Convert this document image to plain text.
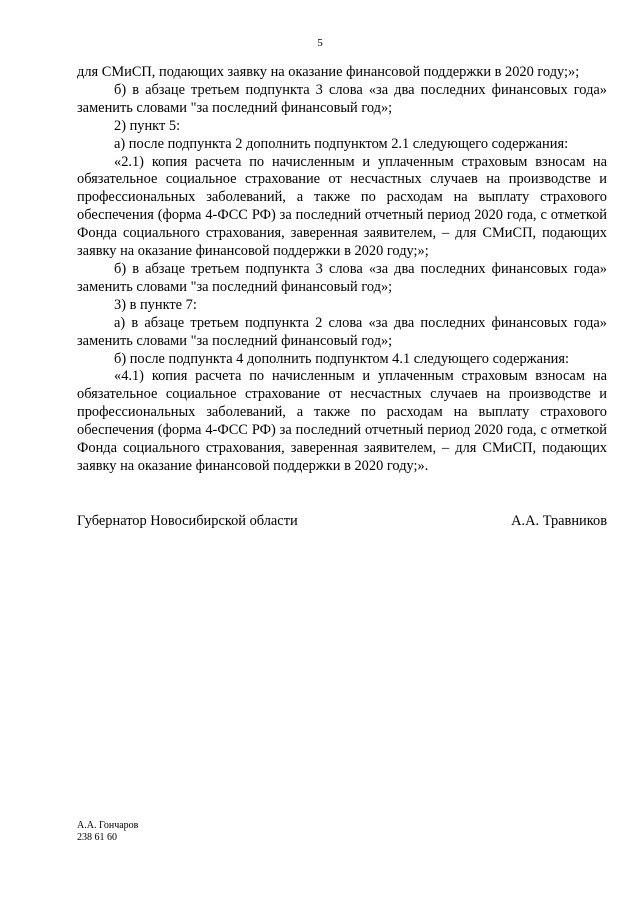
5

для СМиСП, подающих заявку на оказание финансовой поддержки в 2020 году;»;

б) в абзаце третьем подпункта 3 слова «за два последних финансовых года» заменить словами "за последний финансовый год»;

2) пункт 5:

а) после подпункта 2 дополнить подпунктом 2.1 следующего содержания:

«2.1) копия расчета по начисленным и уплаченным страховым взносам на обязательное социальное страхование от несчастных случаев на производстве и профессиональных заболеваний, а также по расходам на выплату страхового обеспечения (форма 4-ФСС РФ) за последний отчетный период 2020 года, с отметкой Фонда социального страхования, заверенная заявителем, – для СМиСП, подающих заявку на оказание финансовой поддержки в 2020 году;»;

б) в абзаце третьем подпункта 3 слова «за два последних финансовых года» заменить словами "за последний финансовый год»;

3) в пункте 7:

а) в абзаце третьем подпункта 2 слова «за два последних финансовых года» заменить словами "за последний финансовый год»;

б) после подпункта 4 дополнить подпунктом 4.1 следующего содержания:

«4.1) копия расчета по начисленным и уплаченным страховым взносам на обязательное социальное страхование от несчастных случаев на производстве и профессиональных заболеваний, а также по расходам на выплату страхового обеспечения (форма 4-ФСС РФ) за последний отчетный период 2020 года, с отметкой Фонда социального страхования, заверенная заявителем, – для СМиСП, подающих заявку на оказание финансовой поддержки в 2020 году;».

Губернатор Новосибирской области	А.А. Травников
А.А. Гончаров
238 61 60
